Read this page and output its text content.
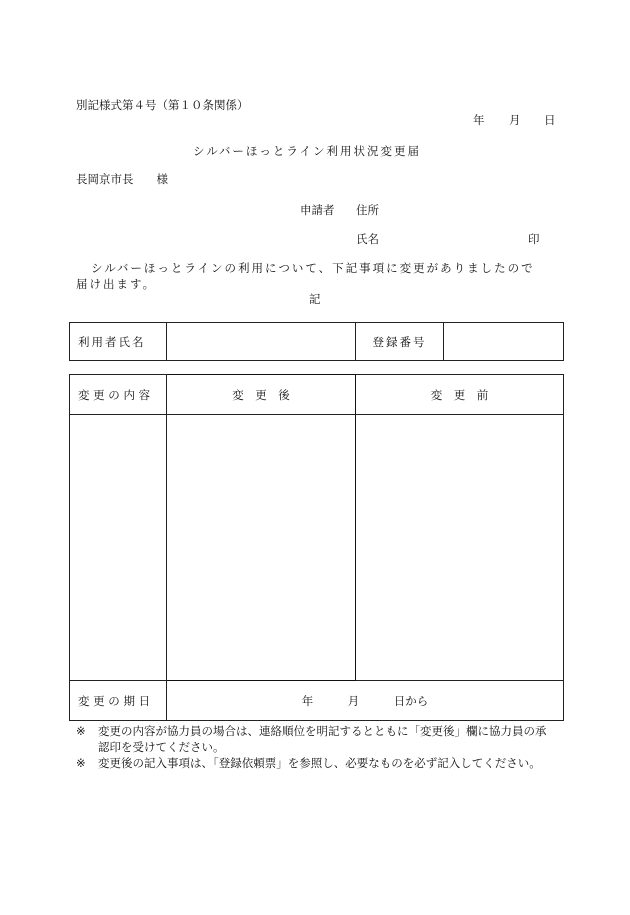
別記様式第４号（第１０条関係）
年 月 日
シルバーほっとライン利用状況変更届
長岡京市長　　様
申請者 住所
氏名	印
シルバーほっとラインの利用について、下記事項に変更がありましたので
届け出ます。
記
利用者氏名		登録番号	
変 更 の 内 容	変　更　後	変　更　前

変 更 の 期 日	年　　　月　　　日から	
※ 変更の内容が協力員の場合は、連絡順位を明記するとともに「変更後」欄に協力員の承
認印を受けてください。
※ 変更後の記入事項は、「登録依頼票」を参照し、必要なものを必ず記入してください。
